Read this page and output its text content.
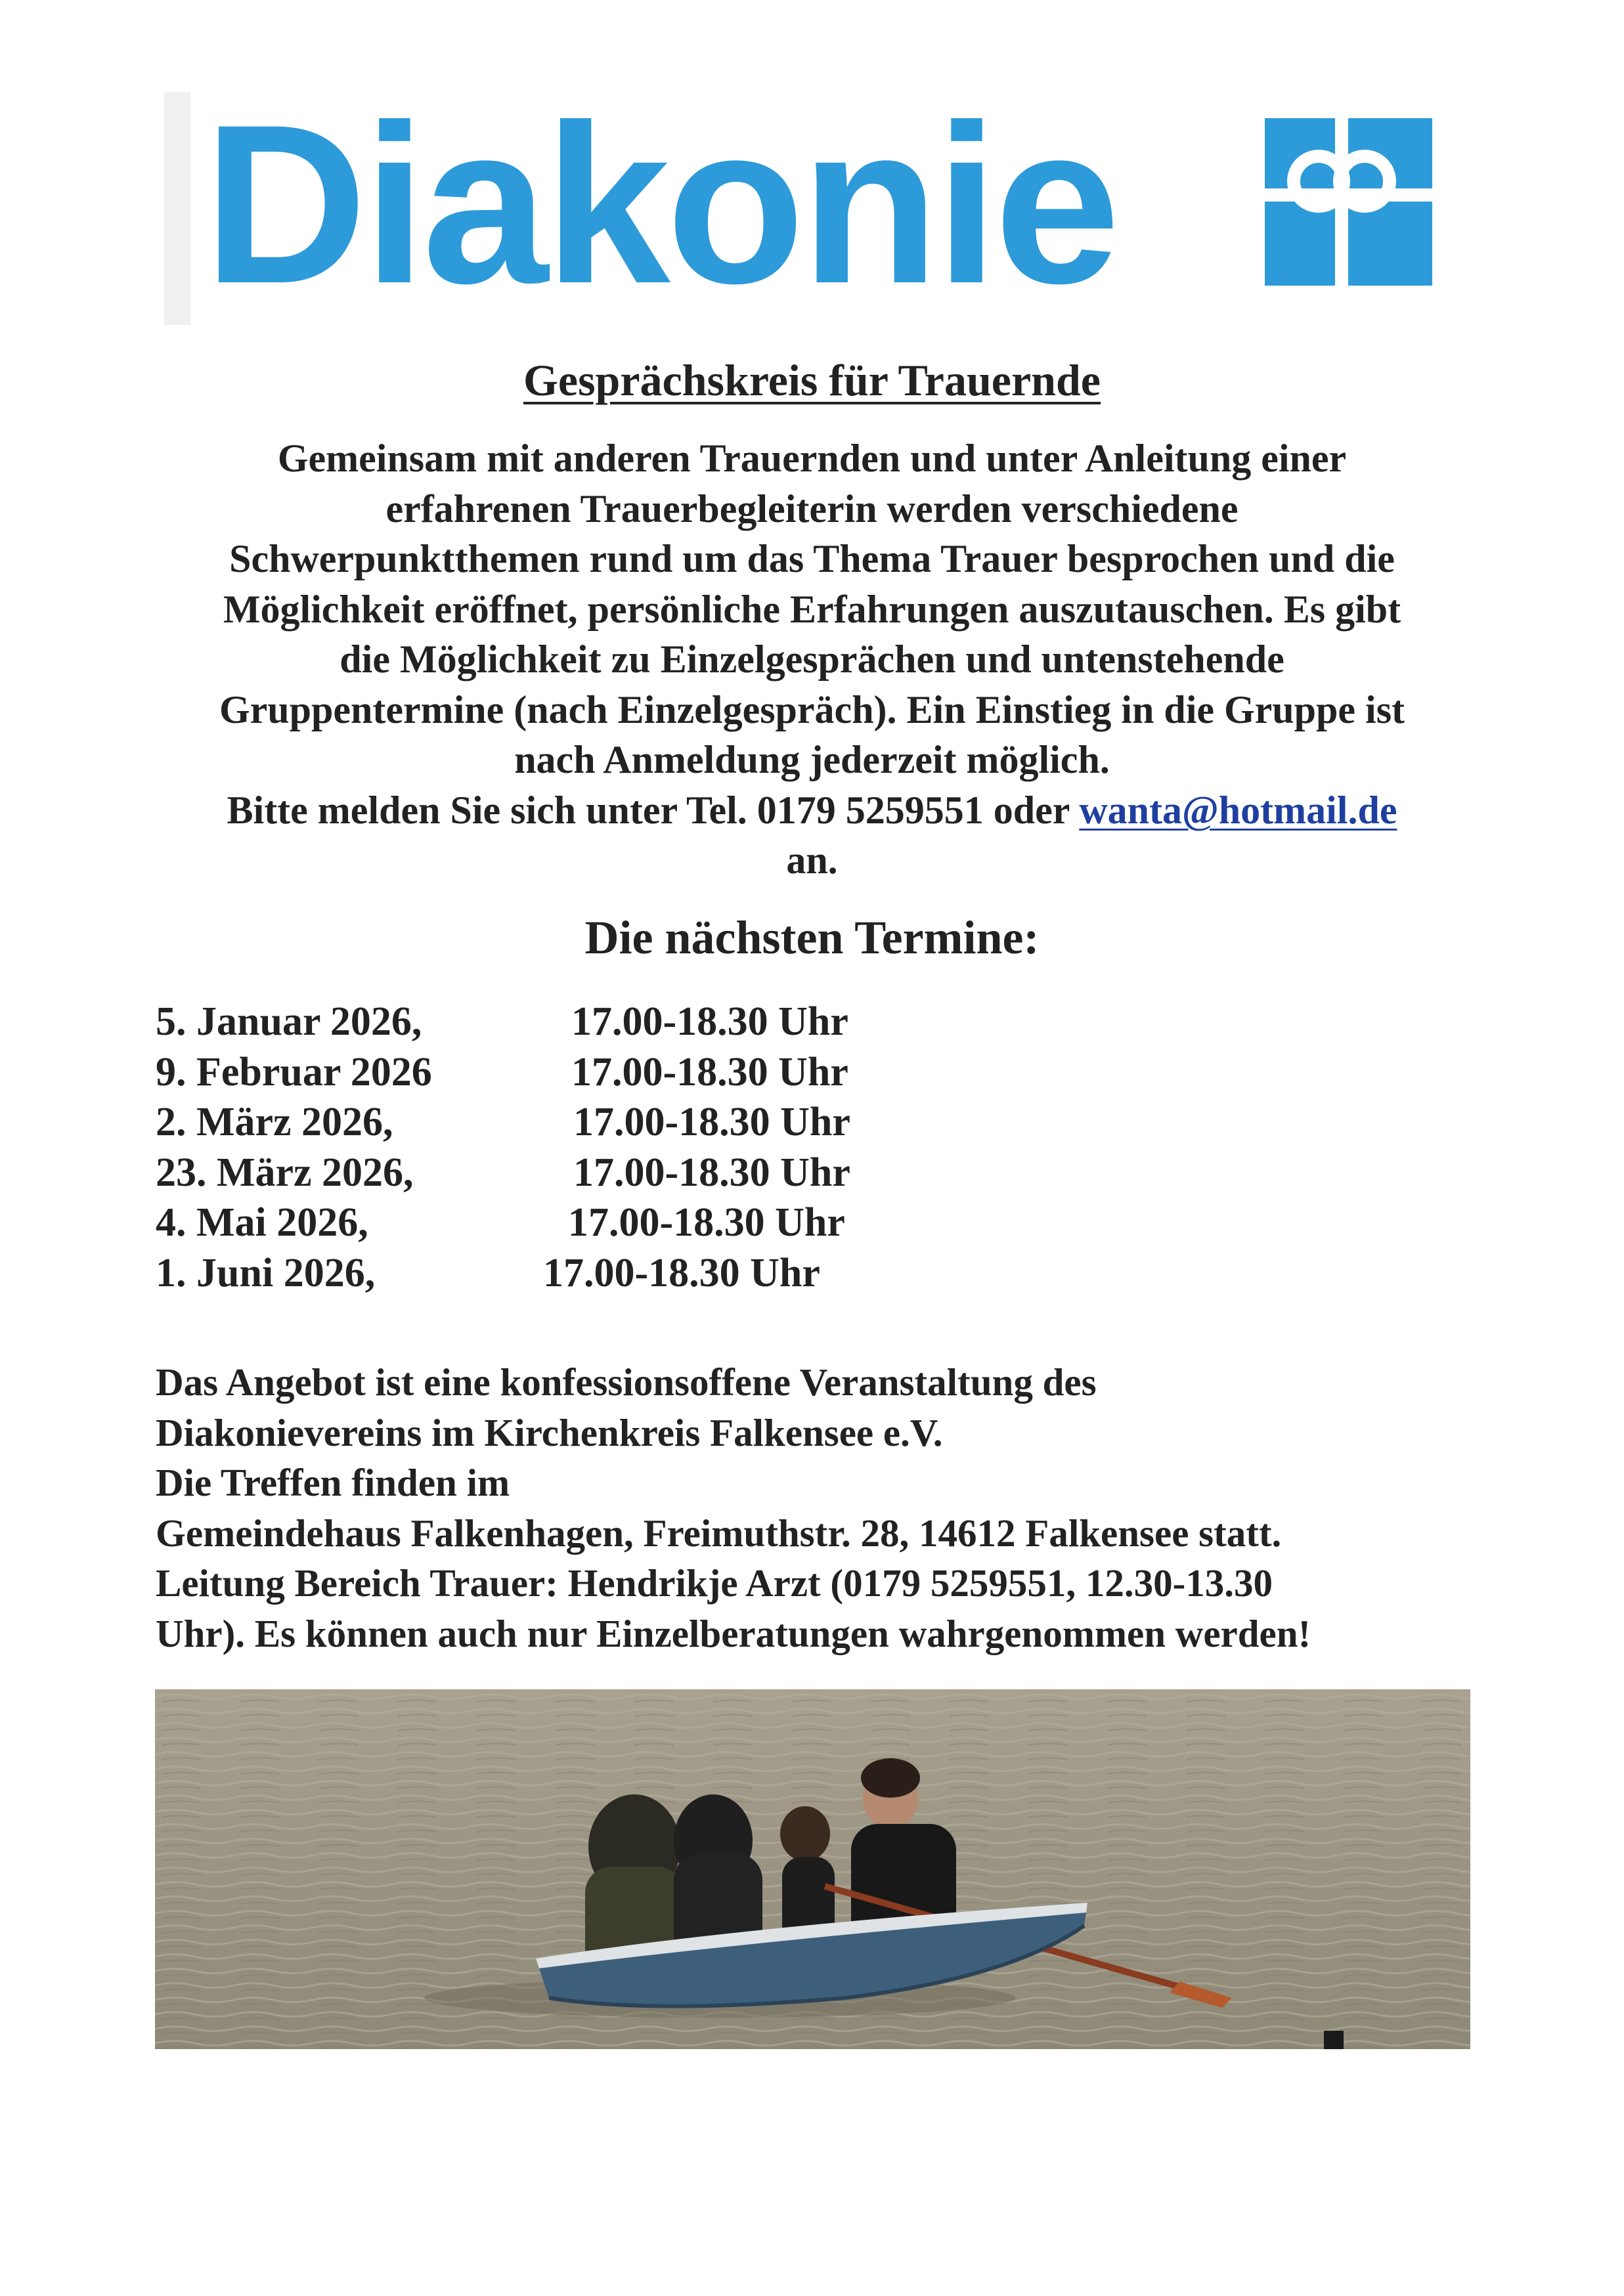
Diakonie
Gesprächskreis für Trauernde
Gemeinsam mit anderen Trauernden und unter Anleitung einer
erfahrenen Trauerbegleiterin werden verschiedene
Schwerpunktthemen rund um das Thema Trauer besprochen und die
Möglichkeit eröffnet, persönliche Erfahrungen auszutauschen. Es gibt
die Möglichkeit zu Einzelgesprächen und untenstehende
Gruppentermine (nach Einzelgespräch). Ein Einstieg in die Gruppe ist
nach Anmeldung jederzeit möglich.
Bitte melden Sie sich unter Tel. 0179 5259551 oder wanta@hotmail.de
an.
Die nächsten Termine:
5. Januar 2026,	17.00-18.30 Uhr
9. Februar 2026	17.00-18.30 Uhr
2. März 2026,	17.00-18.30 Uhr
23. März 2026,	17.00-18.30 Uhr
4. Mai 2026,	17.00-18.30 Uhr
1. Juni 2026,	17.00-18.30 Uhr
Das Angebot ist eine konfessionsoffene Veranstaltung des
Diakonievereins im Kirchenkreis Falkensee e.V.
Die Treffen finden im
Gemeindehaus Falkenhagen, Freimuthstr. 28, 14612 Falkensee statt.
Leitung Bereich Trauer: Hendrikje Arzt (0179 5259551, 12.30-13.30
Uhr). Es können auch nur Einzelberatungen wahrgenommen werden!
